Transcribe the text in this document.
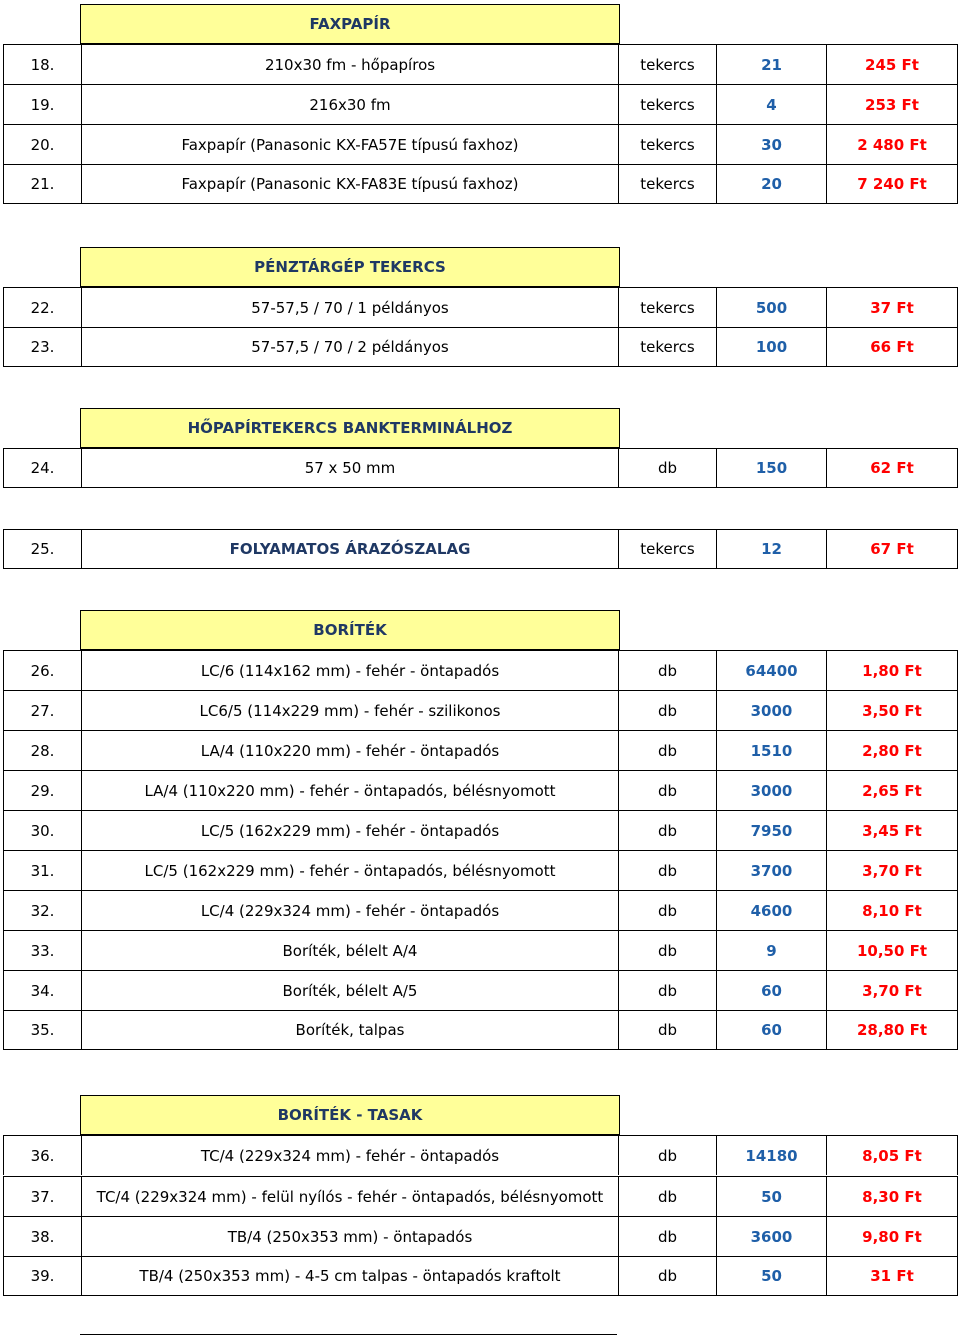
FAXPAPÍR
18.	210x30 fm - hőpapíros	tekercs	21	245 Ft
19.	216x30 fm	tekercs	4	253 Ft
20.	Faxpapír (Panasonic KX-FA57E típusú faxhoz)	tekercs	30	2 480 Ft
21.	Faxpapír (Panasonic KX-FA83E típusú faxhoz)	tekercs	20	7 240 Ft
PÉNZTÁRGÉP TEKERCS
22.	57-57,5 / 70 / 1 példányos	tekercs	500	37 Ft
23.	57-57,5 / 70 / 2 példányos	tekercs	100	66 Ft
HŐPAPÍRTEKERCS BANKTERMINÁLHOZ
24.	57 x 50 mm	db	150	62 Ft
25.	FOLYAMATOS ÁRAZÓSZALAG	tekercs	12	67 Ft
BORÍTÉK
26.	LC/6 (114x162 mm) - fehér - öntapadós	db	64400	1,80 Ft
27.	LC6/5 (114x229 mm) - fehér - szilikonos	db	3000	3,50 Ft
28.	LA/4 (110x220 mm) - fehér - öntapadós	db	1510	2,80 Ft
29.	LA/4 (110x220 mm) - fehér - öntapadós, bélésnyomott	db	3000	2,65 Ft
30.	LC/5 (162x229 mm) - fehér - öntapadós	db	7950	3,45 Ft
31.	LC/5 (162x229 mm) - fehér - öntapadós, bélésnyomott	db	3700	3,70 Ft
32.	LC/4 (229x324 mm) - fehér - öntapadós	db	4600	8,10 Ft
33.	Boríték, bélelt A/4	db	9	10,50 Ft
34.	Boríték, bélelt A/5	db	60	3,70 Ft
35.	Boríték, talpas	db	60	28,80 Ft
BORÍTÉK - TASAK
36.	TC/4 (229x324 mm) - fehér - öntapadós	db	14180	8,05 Ft
37.	TC/4 (229x324 mm) - felül nyílós - fehér - öntapadós, bélésnyomott	db	50	8,30 Ft
38.	TB/4 (250x353 mm) - öntapadós	db	3600	9,80 Ft
39.	TB/4 (250x353 mm) - 4-5 cm talpas - öntapadós kraftolt	db	50	31 Ft
